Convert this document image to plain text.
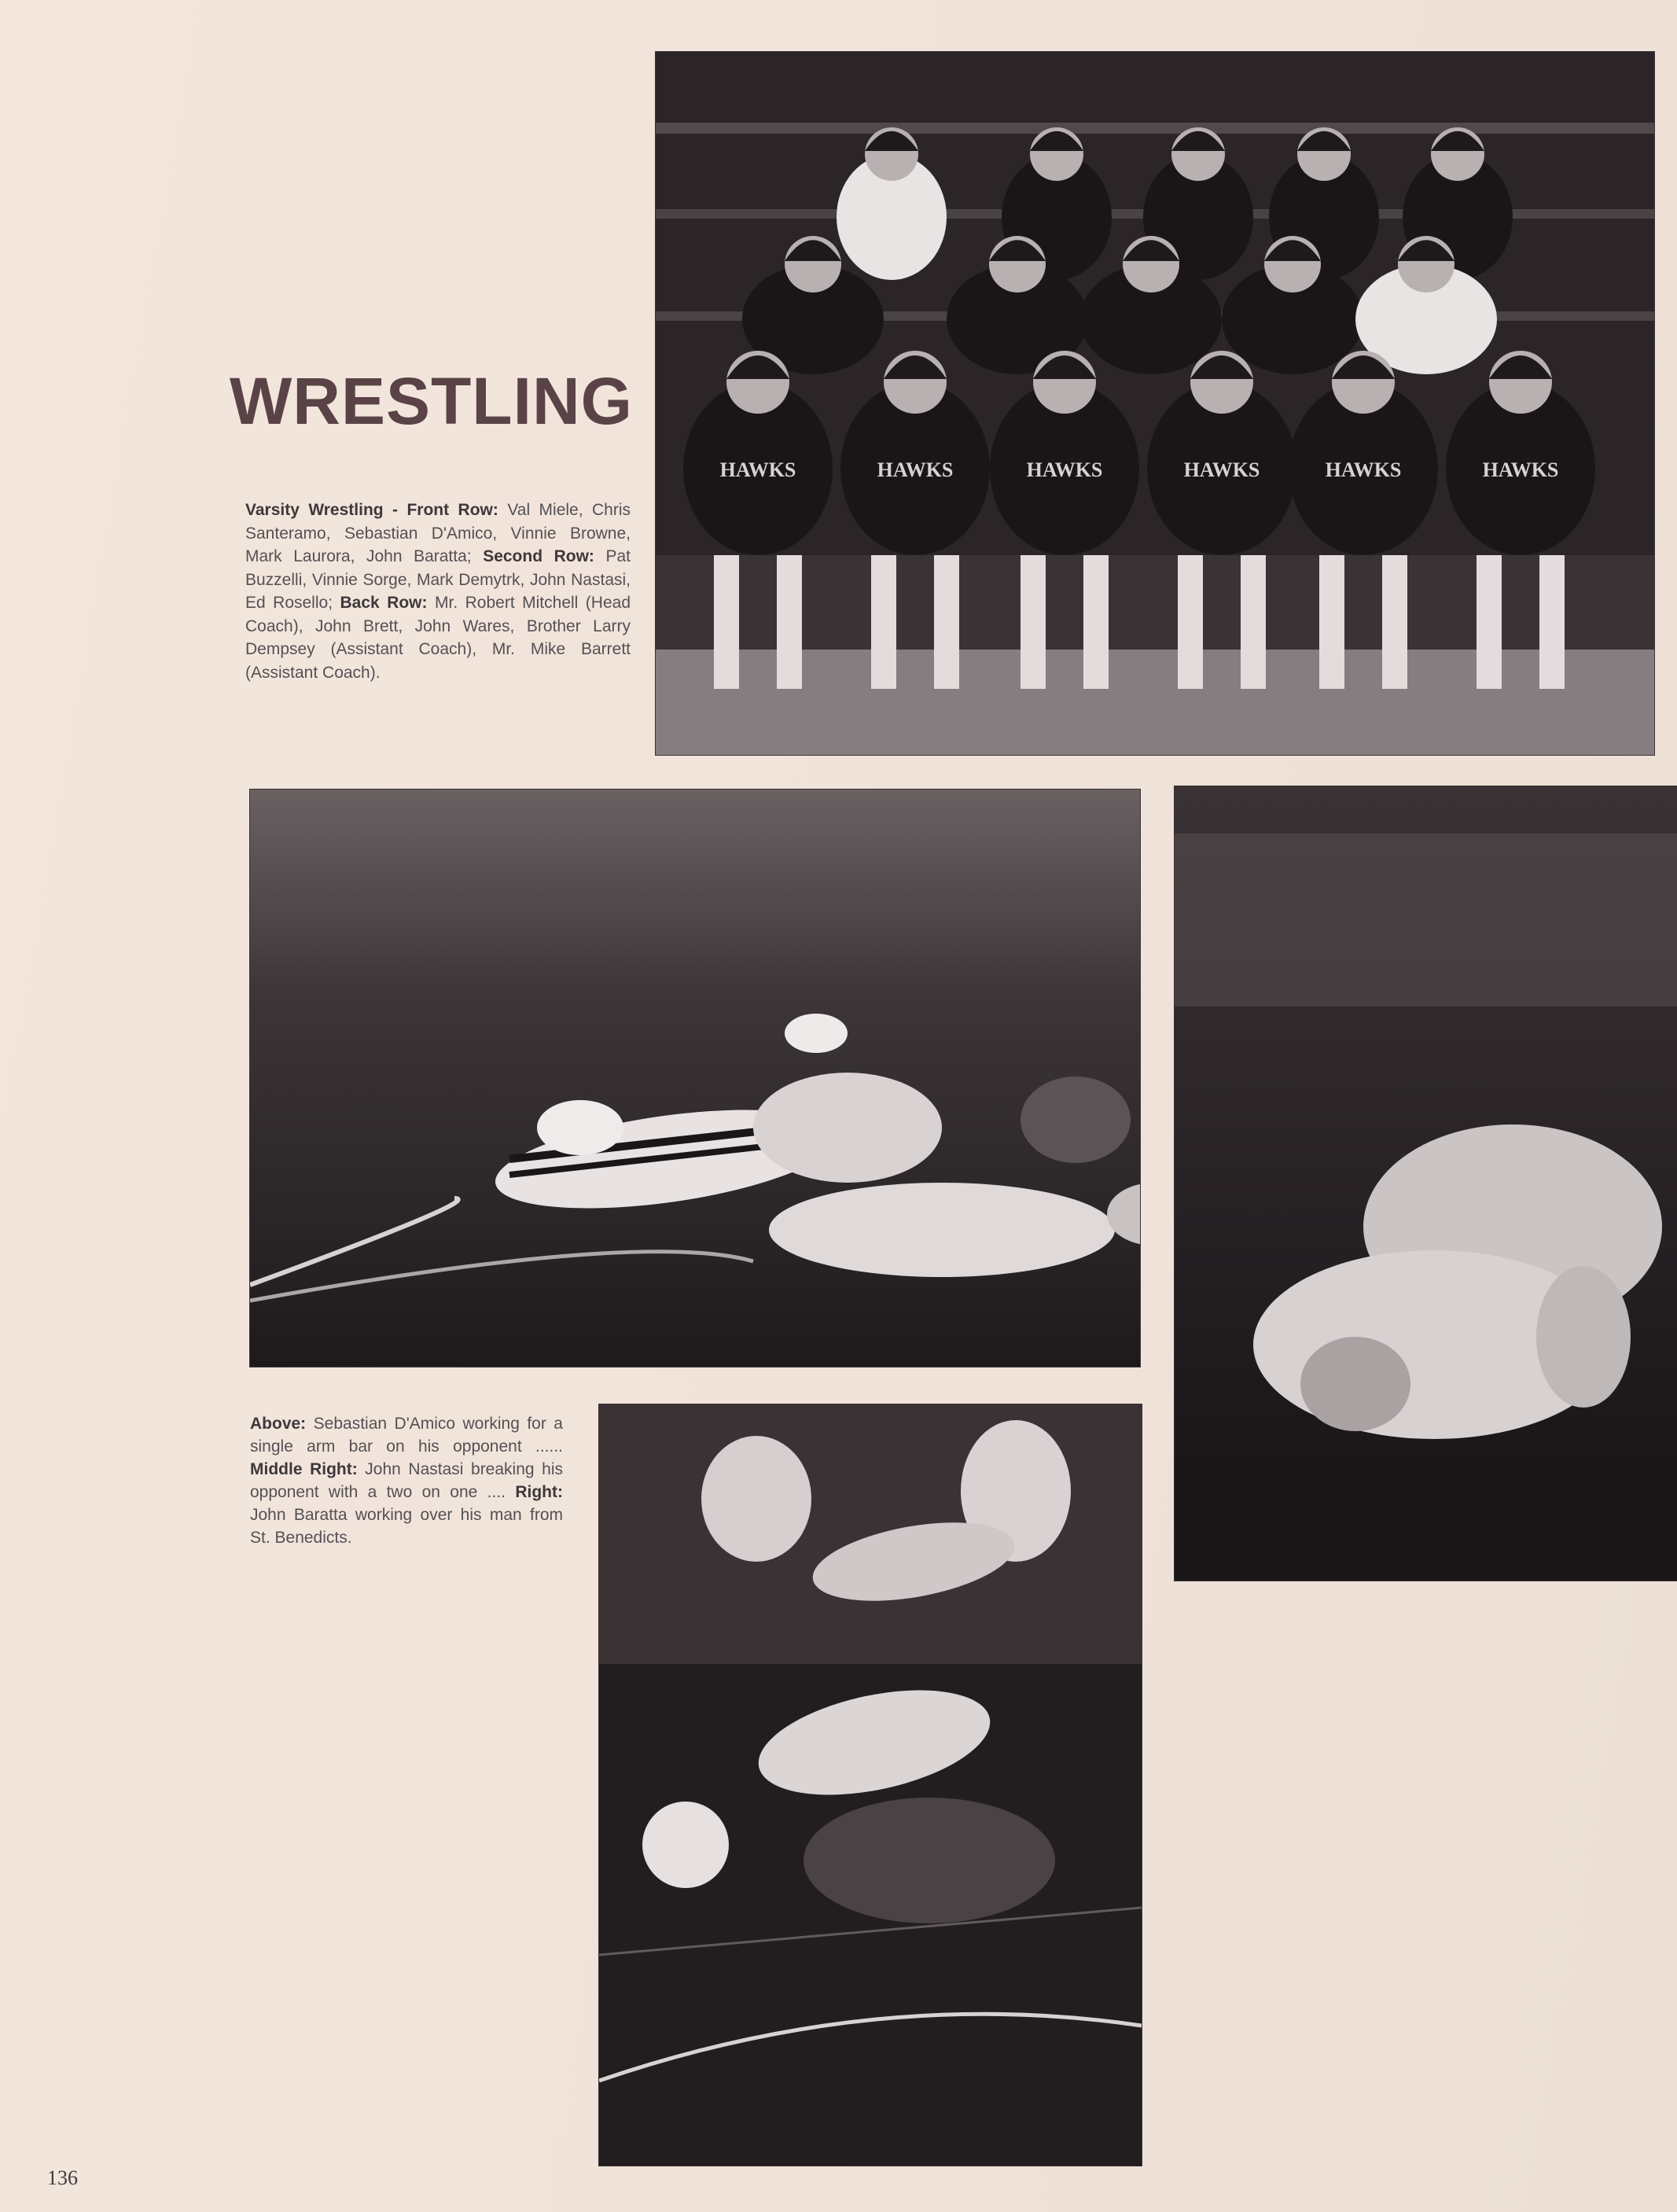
HAWKS	HAWKS	HAWKS	HAWKS	HAWKS	HAWKS
WRESTLING

Varsity Wrestling - Front Row: Val Miele, Chris Santeramo, Sebastian D'Amico, Vinnie Browne, Mark Laurora, John Baratta; Second Row: Pat Buzzelli, Vinnie Sorge, Mark Demytrk, John Nastasi, Ed Rosello; Back Row: Mr. Robert Mitchell (Head Coach), John Brett, John Wares, Brother Larry Dempsey (Assistant Coach), Mr. Mike Barrett (Assistant Coach).

Above: Sebastian D'Amico working for a single arm bar on his opponent ...... Middle Right: John Nastasi breaking his opponent with a two on one .... Right: John Baratta working over his man from St. Benedicts.

136
